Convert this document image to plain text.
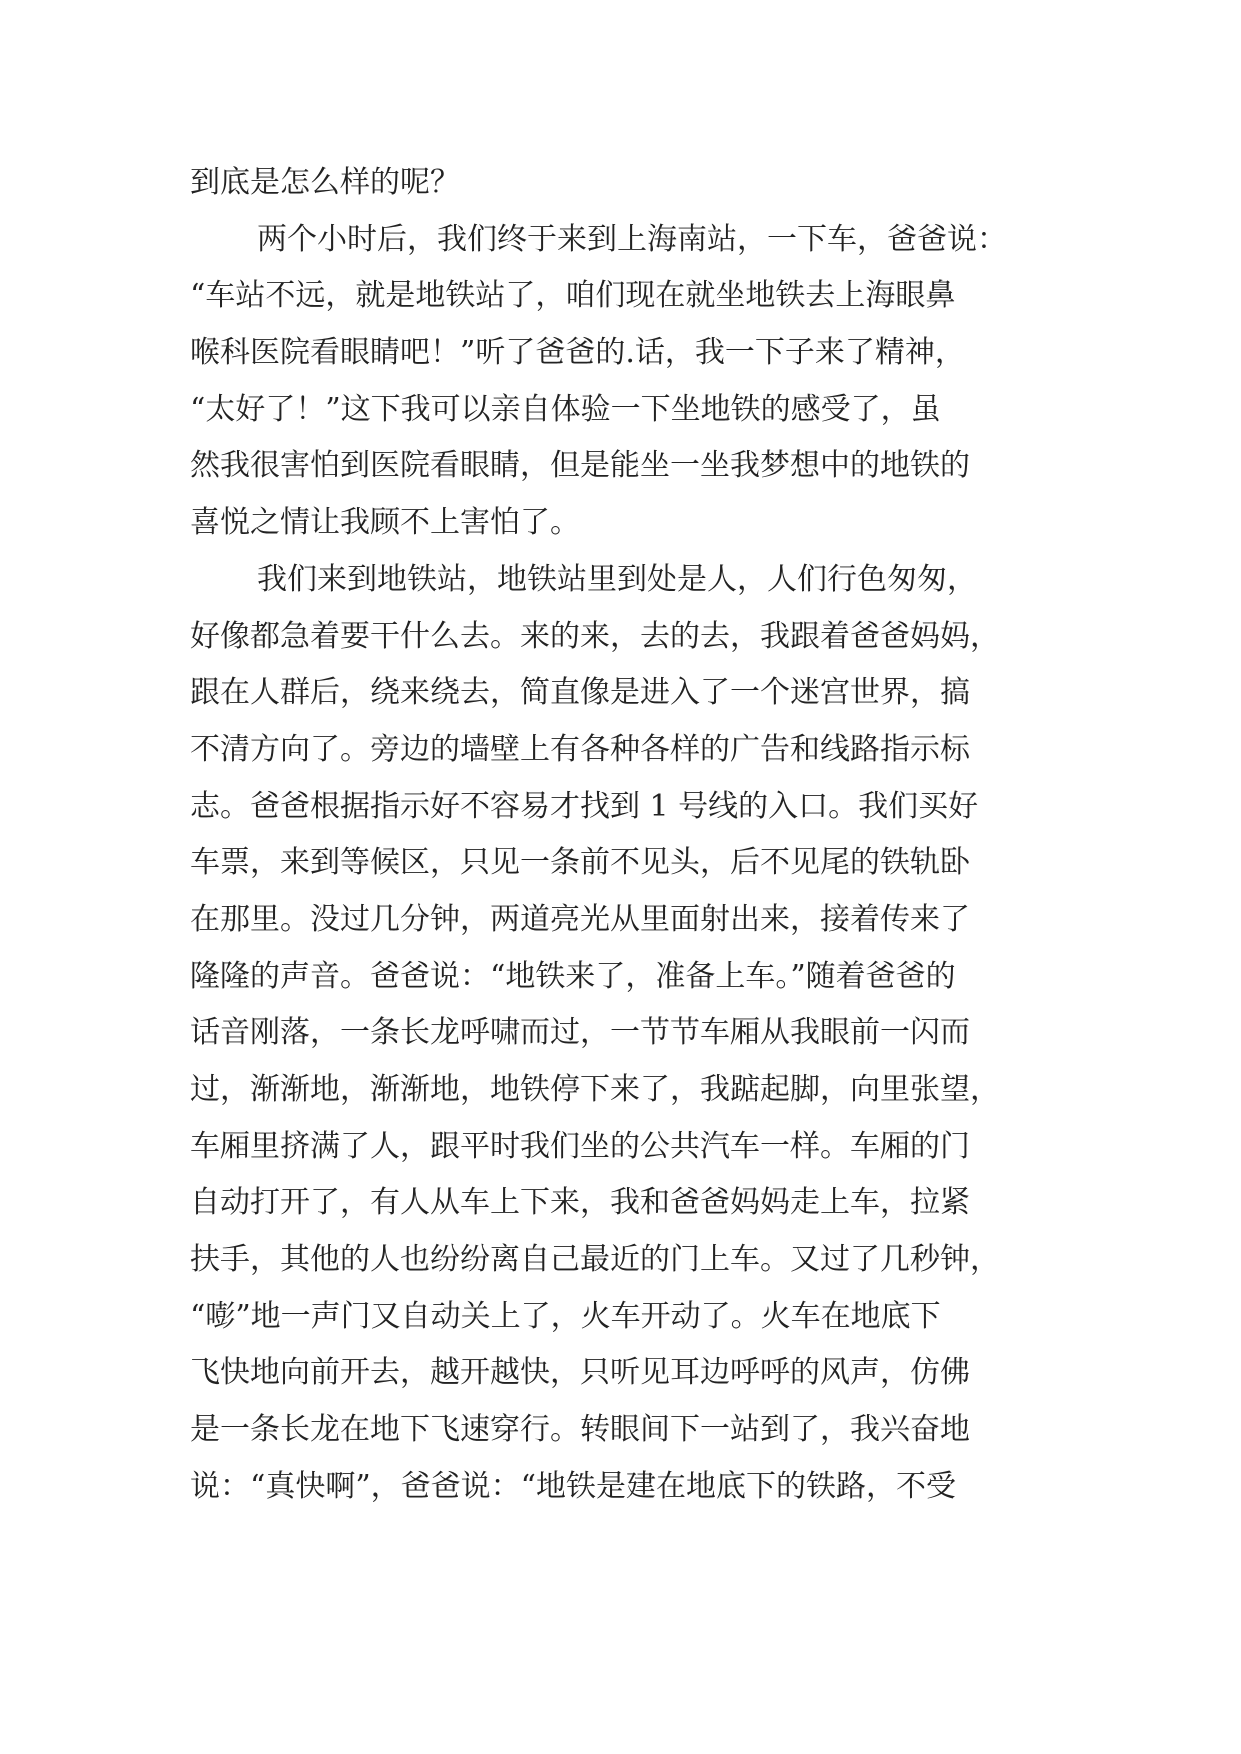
到底是怎么样的呢？
两个小时后，我们终于来到上海南站，一下车，爸爸说：
“车站不远，就是地铁站了，咱们现在就坐地铁去上海眼鼻
喉科医院看眼睛吧！”听了爸爸的.话，我一下子来了精神，
“太好了！”这下我可以亲自体验一下坐地铁的感受了，虽
然我很害怕到医院看眼睛，但是能坐一坐我梦想中的地铁的
喜悦之情让我顾不上害怕了。
我们来到地铁站，地铁站里到处是人，人们行色匆匆，
好像都急着要干什么去。来的来，去的去，我跟着爸爸妈妈，
跟在人群后，绕来绕去，简直像是进入了一个迷宫世界，搞
不清方向了。旁边的墙壁上有各种各样的广告和线路指示标
志。爸爸根据指示好不容易才找到 1 号线的入口。我们买好
车票，来到等候区，只见一条前不见头，后不见尾的铁轨卧
在那里。没过几分钟，两道亮光从里面射出来，接着传来了
隆隆的声音。爸爸说：“地铁来了，准备上车。”随着爸爸的
话音刚落，一条长龙呼啸而过，一节节车厢从我眼前一闪而
过，渐渐地，渐渐地，地铁停下来了，我踮起脚，向里张望，
车厢里挤满了人，跟平时我们坐的公共汽车一样。车厢的门
自动打开了，有人从车上下来，我和爸爸妈妈走上车，拉紧
扶手，其他的人也纷纷离自己最近的门上车。又过了几秒钟，
“嘭”地一声门又自动关上了，火车开动了。火车在地底下
飞快地向前开去，越开越快，只听见耳边呼呼的风声，仿佛
是一条长龙在地下飞速穿行。转眼间下一站到了，我兴奋地
说：“真快啊”，爸爸说：“地铁是建在地底下的铁路，不受
